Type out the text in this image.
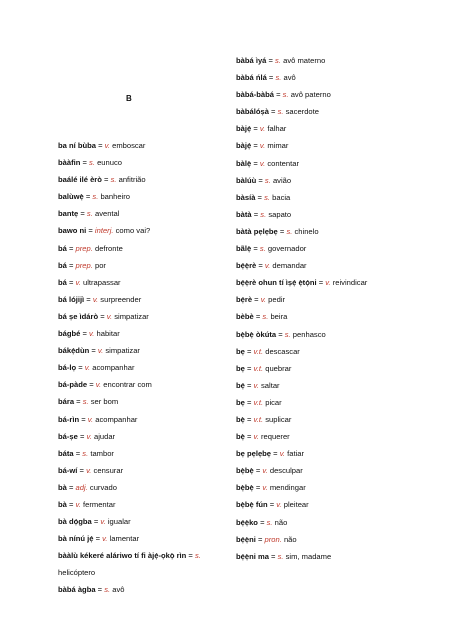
B
ba ní bùba = v. emboscar
bààfin = s. eunuco
baálé ilé èrò = s. anfitrião
balùwẹ̀ = s. banheiro
bantẹ = s. avental
bawo ni = interj. como vai?
bá = prep. defronte
bá = prep. por
bá = v. ultrapassar
bá lójijì = v. surpreender
bá ṣe ìdárò = v. simpatizar
bágbé = v. habitar
bákẹ́dùn = v. simpatizar
bá-lọ = v. acompanhar
bá-pàde = v. encontrar com
bára = s. ser bom
bá-rìn = v. acompanhar
bá-ṣe = v. ajudar
báta = s. tambor
bá-wí = v. censurar
bà = adj. curvado
bà = v. fermentar
bà dọ́gba = v. igualar
bà nínú jẹ́ = v. lamentar
bààlù kékeré aláriwo tí fi àjẹ́-ọkọ̀ rìn = s. helicóptero
bàbá àgba = s. avô
bàbá ìyá = s. avô materno
bàbá ńlá = s. avô
bàbá-bàbá = s. avô paterno
bàbálóṣà = s. sacerdote
bàjẹ́ = v. falhar
bàjẹ́ = v. mimar
bàlẹ̀ = v. contentar
bàlúù = s. avião
bàsíà = s. bacia
bàtà = s. sapato
bàtà pẹlẹbẹ = s. chinelo
bãlẹ̀ = s. governador
bẹ́ẹ̀rè = v. demandar
bẹ́ẹ̀rè ohun tí ìṣẹ́ ẹ̀tọ́ni = v. reivindicar
bẹ́rè = v. pedir
bèbè = s. beira
bẹ̀bẹ̀ òkúta = s. penhasco
bẹ = v.t. descascar
bẹ = v.t. quebrar
bẹ́ = v. saltar
bẹ = v.t. picar
bẹ̀ = v.t. suplicar
bẹ̀ = v. requerer
bẹ pẹlẹbẹ = v. fatiar
bẹ̀bẹ̀ = v. desculpar
bẹ̀bẹ̀ = v. mendingar
bẹ̀bẹ̀ fún = v. pleitear
bẹ́ẹ̀ko = s. não
bẹ́ẹ̀ni = pron. não
bẹ́ẹ̀ni ma = s. sim, madame
